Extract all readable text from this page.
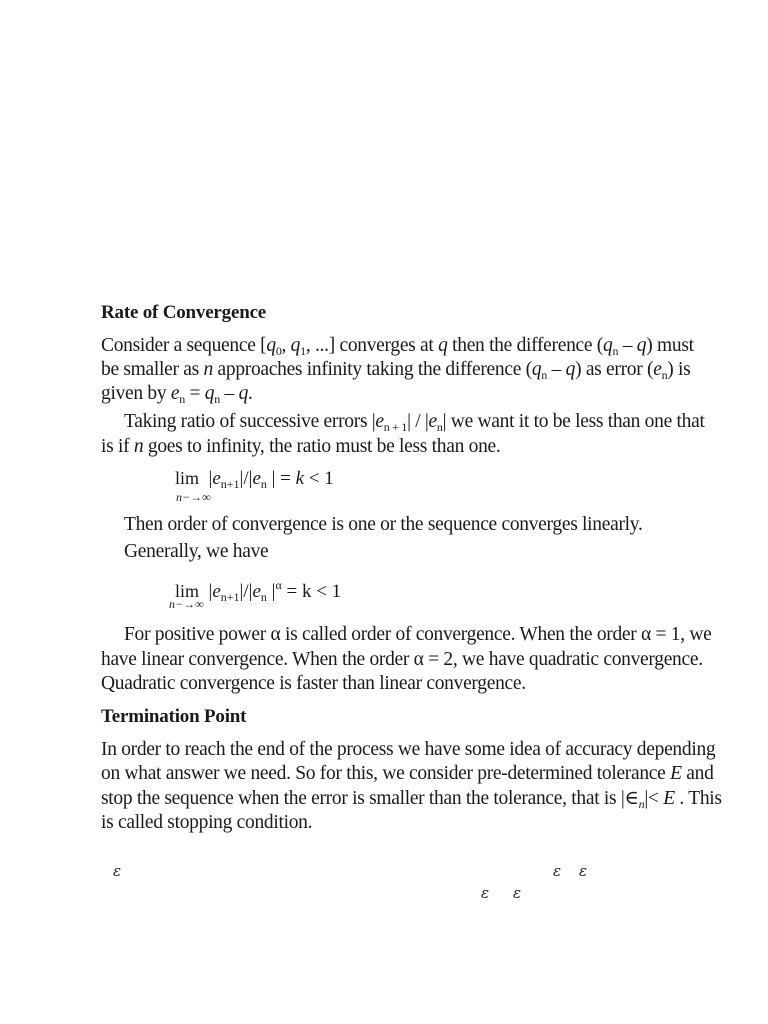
Rate of Convergence
Consider a sequence [$q_0$, $q_1$, ...] converges at q then the difference $(q_n - q)$ must
be smaller as n approaches infinity taking the difference $(q_n - q)$ as error $(e_n)$ is
given by $e_n = q_n - q$.
Taking ratio of successive errors $|e_{n + 1}| / |e_n|$ we want it to be less than one that
is if n goes to infinity, the ratio must be less than one.
$\lim |e_{n+1}|/|e_n$ | = k < 1
n−→∞
Then order of convergence is one or the sequence converges linearly.
Generally, we have
$\lim |e_{n+1}|/|e_n$ $|^\alpha = k < 1$
n−→∞
For positive power α is called order of convergence. When the order α = 1, we
have linear convergence. When the order α = 2, we have quadratic convergence.
Quadratic convergence is faster than linear convergence.
Termination Point
In order to reach the end of the process we have some idea of accuracy depending
on what answer we need. So for this, we consider pre-determined tolerance E and
stop the sequence when the error is smaller than the tolerance, that is $|\in_n|< E$ . This
is called stopping condition.
ε	ε ε
ε ε
